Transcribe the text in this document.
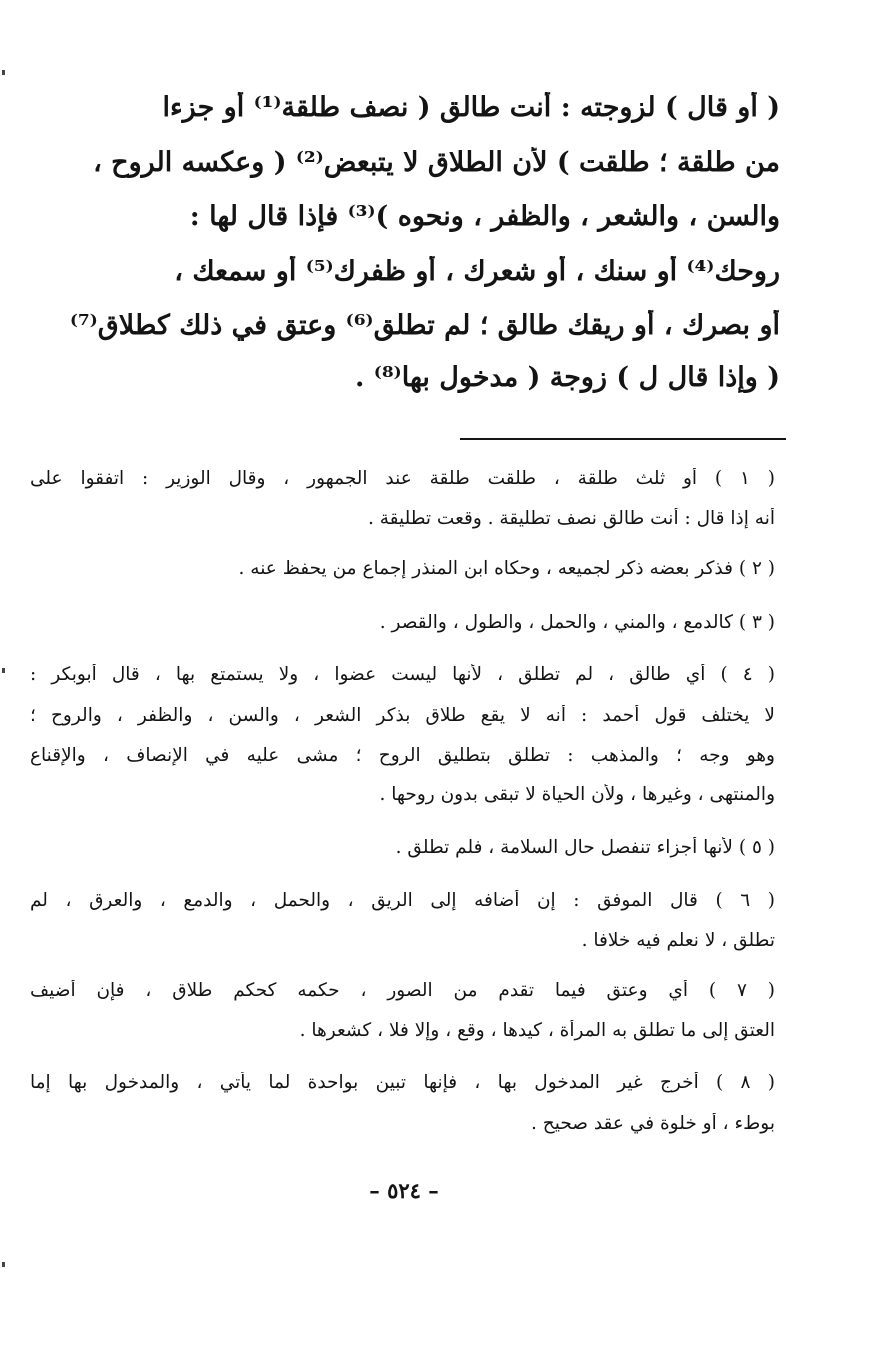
( أو قال ) لزوجته : أنت طالق ( نصف طلقة⁽¹⁾ أو جزءا
من طلقة ؛ طلقت ) لأن الطلاق لا يتبعض⁽²⁾ ( وعكسه الروح ،
والسن ، والشعر ، والظفر ، ونحوه )⁽³⁾ فإذا قال لها :
روحك⁽⁴⁾ أو سنك ، أو شعرك ، أو ظفرك⁽⁵⁾ أو سمعك ،
أو بصرك ، أو ريقك طالق ؛ لم تطلق⁽⁶⁾ وعتق في ذلك كطلاق⁽⁷⁾
( وإذا قال ل ) زوجة ( مدخول بها⁽⁸⁾ .
( ١ ) أو ثلث طلقة ، طلقت طلقة عند الجمهور ، وقال الوزير : اتفقوا على
أنه إذا قال : أنت طالق نصف تطليقة . وقعت تطليقة .
( ٢ ) فذكر بعضه ذكر لجميعه ، وحكاه ابن المنذر إجماع من يحفظ عنه .
( ٣ ) كالدمع ، والمني ، والحمل ، والطول ، والقصر .
( ٤ ) أي طالق ، لم تطلق ، لأنها ليست عضوا ، ولا يستمتع بها ، قال أبوبكر :
لا يختلف قول أحمد : أنه لا يقع طلاق بذكر الشعر ، والسن ، والظفر ، والروح ؛
وهو وجه ؛ والمذهب : تطلق بتطليق الروح ؛ مشى عليه في الإنصاف ، والإقناع
والمنتهى ، وغيرها ، ولأن الحياة لا تبقى بدون روحها .
( ٥ ) لأنها أجزاء تنفصل حال السلامة ، فلم تطلق .
( ٦ ) قال الموفق : إن أضافه إلى الريق ، والحمل ، والدمع ، والعرق ، لم
تطلق ، لا نعلم فيه خلافا .
( ٧ ) أي وعتق فيما تقدم من الصور ، حكمه كحكم طلاق ، فإن أضيف
العتق إلى ما تطلق به المرأة ، كيدها ، وقع ، وإلا فلا ، كشعرها .
( ٨ ) أخرج غير المدخول بها ، فإنها تبين بواحدة لما يأتي ، والمدخول بها إما
بوطء ، أو خلوة في عقد صحيح .
– ٥٢٤ –
